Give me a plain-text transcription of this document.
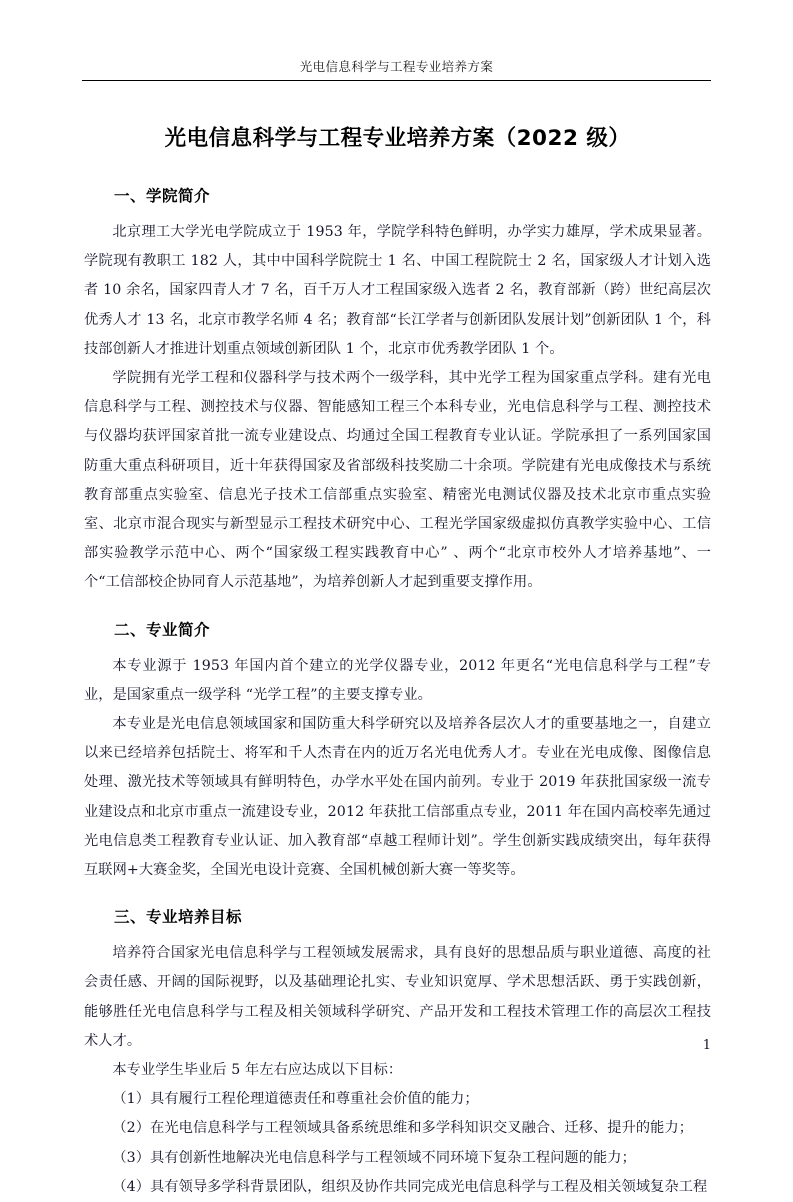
光电信息科学与工程专业培养方案
光电信息科学与工程专业培养方案（2022 级）
一、学院简介

北京理工大学光电学院成立于 1953 年，学院学科特色鲜明，办学实力雄厚，学术成果显著。学院现有教职工 182 人，其中中国科学院院士 1 名、中国工程院院士 2 名，国家级人才计划入选者 10 余名，国家四青人才 7 名，百千万人才工程国家级入选者 2 名，教育部新（跨）世纪高层次优秀人才 13 名，北京市教学名师 4 名；教育部“长江学者与创新团队发展计划”创新团队 1 个，科技部创新人才推进计划重点领域创新团队 1 个，北京市优秀教学团队 1 个。

学院拥有光学工程和仪器科学与技术两个一级学科，其中光学工程为国家重点学科。建有光电信息科学与工程、测控技术与仪器、智能感知工程三个本科专业，光电信息科学与工程、测控技术与仪器均获评国家首批一流专业建设点、均通过全国工程教育专业认证。学院承担了一系列国家国防重大重点科研项目，近十年获得国家及省部级科技奖励二十余项。学院建有光电成像技术与系统教育部重点实验室、信息光子技术工信部重点实验室、精密光电测试仪器及技术北京市重点实验室、北京市混合现实与新型显示工程技术研究中心、工程光学国家级虚拟仿真教学实验中心、工信部实验教学示范中心、两个“国家级工程实践教育中心” 、两个“北京市校外人才培养基地”、一个“工信部校企协同育人示范基地”，为培养创新人才起到重要支撑作用。

二、专业简介

本专业源于 1953 年国内首个建立的光学仪器专业，2012 年更名“光电信息科学与工程”专业，是国家重点一级学科 “光学工程”的主要支撑专业。

本专业是光电信息领域国家和国防重大科学研究以及培养各层次人才的重要基地之一，自建立以来已经培养包括院士、将军和千人杰青在内的近万名光电优秀人才。专业在光电成像、图像信息处理、激光技术等领域具有鲜明特色，办学水平处在国内前列。专业于 2019 年获批国家级一流专业建设点和北京市重点一流建设专业，2012 年获批工信部重点专业，2011 年在国内高校率先通过光电信息类工程教育专业认证、加入教育部“卓越工程师计划”。学生创新实践成绩突出，每年获得互联网+大赛金奖，全国光电设计竞赛、全国机械创新大赛一等奖等。

三、专业培养目标

培养符合国家光电信息科学与工程领域发展需求，具有良好的思想品质与职业道德、高度的社会责任感、开阔的国际视野，以及基础理论扎实、专业知识宽厚、学术思想活跃、勇于实践创新，能够胜任光电信息科学与工程及相关领域科学研究、产品开发和工程技术管理工作的高层次工程技术人才。

本专业学生毕业后 5 年左右应达成以下目标：

（1）具有履行工程伦理道德责任和尊重社会价值的能力；

（2）在光电信息科学与工程领域具备系统思维和多学科知识交叉融合、迁移、提升的能力；

（3）具有创新性地解决光电信息科学与工程领域不同环境下复杂工程问题的能力；

（4）具有领导多学科背景团队，组织及协作共同完成光电信息科学与工程及相关领域复杂工程

1
